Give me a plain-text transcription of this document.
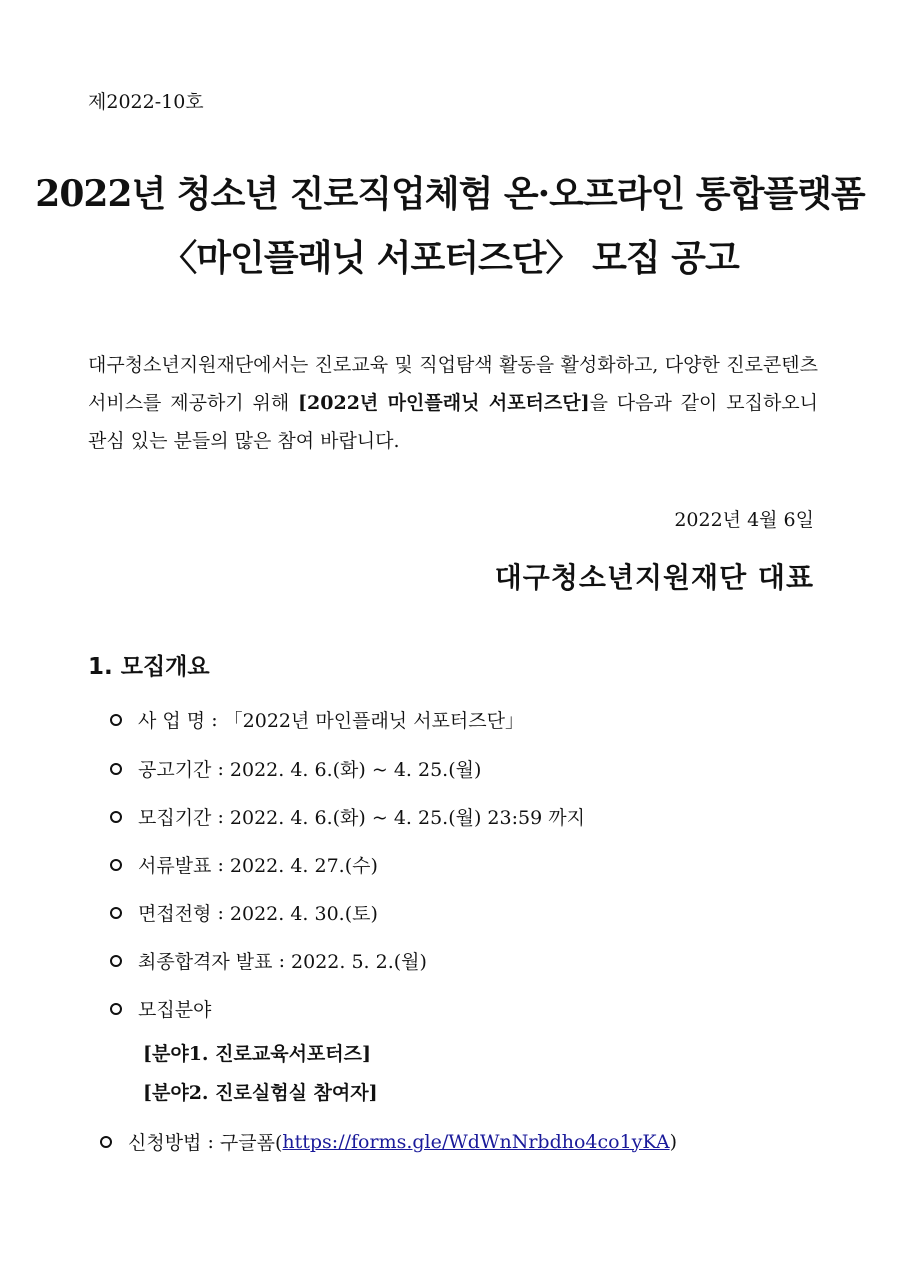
제2022-10호
2022년 청소년 진로직업체험 온·오프라인 통합플랫폼
〈마인플래닛 서포터즈단〉 모집 공고
대구청소년지원재단에서는 진로교육 및 직업탐색 활동을 활성화하고, 다양한 진로콘텐츠 서비스를 제공하기 위해 [2022년 마인플래닛 서포터즈단]을 다음과 같이 모집하오니 관심 있는 분들의 많은 참여 바랍니다.
2022년 4월 6일
대구청소년지원재단 대표
1. 모집개요
사 업 명 : 「2022년 마인플래닛 서포터즈단」
공고기간 : 2022. 4. 6.(화) ~ 4. 25.(월)
모집기간 : 2022. 4. 6.(화) ~ 4. 25.(월) 23:59 까지
서류발표 : 2022. 4. 27.(수)
면접전형 : 2022. 4. 30.(토)
최종합격자 발표 : 2022. 5. 2.(월)
모집분야
[분야1. 진로교육서포터즈]
[분야2. 진로실험실 참여자]
신청방법 : 구글폼( https://forms.gle/WdWnNrbdho4co1yKA )
